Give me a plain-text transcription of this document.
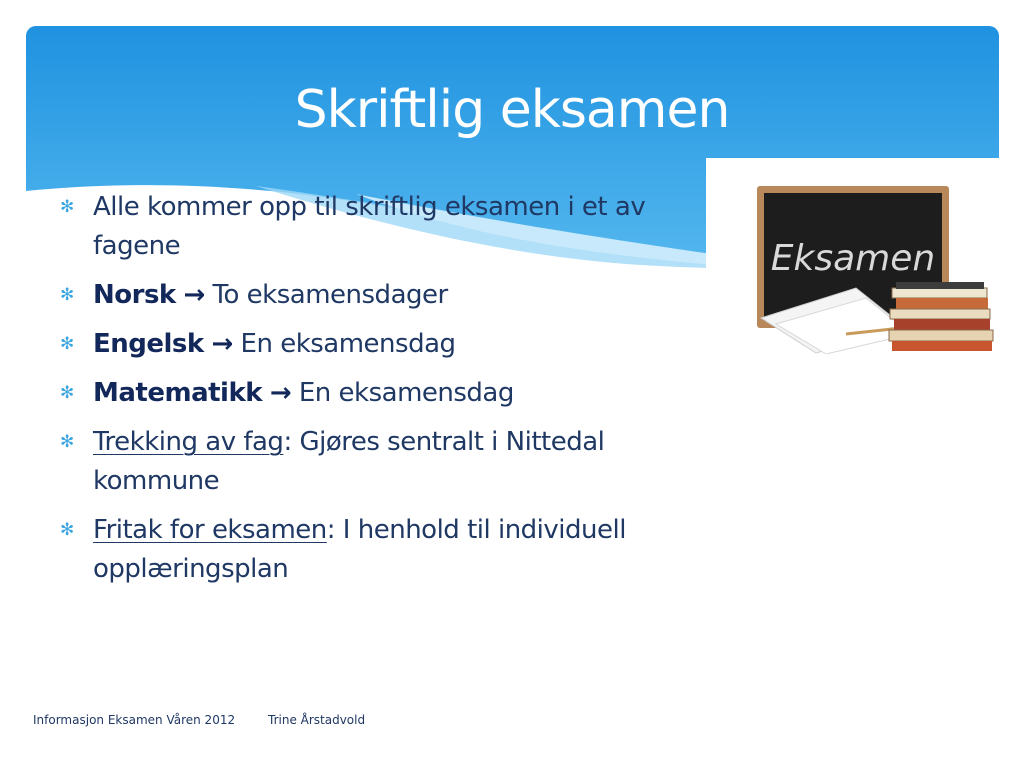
Skriftlig eksamen
✻ Alle kommer opp til skriftlig eksamen i et av fagene
✻ Norsk → To eksamensdager
✻ Engelsk → En eksamensdag
✻ Matematikk → En eksamensdag
✻ Trekking av fag: Gjøres sentralt i Nittedal kommune
✻ Fritak for eksamen: I henhold til individuell opplæringsplan
Eksamen
Informasjon Eksamen Våren 2012	Trine Årstadvold
